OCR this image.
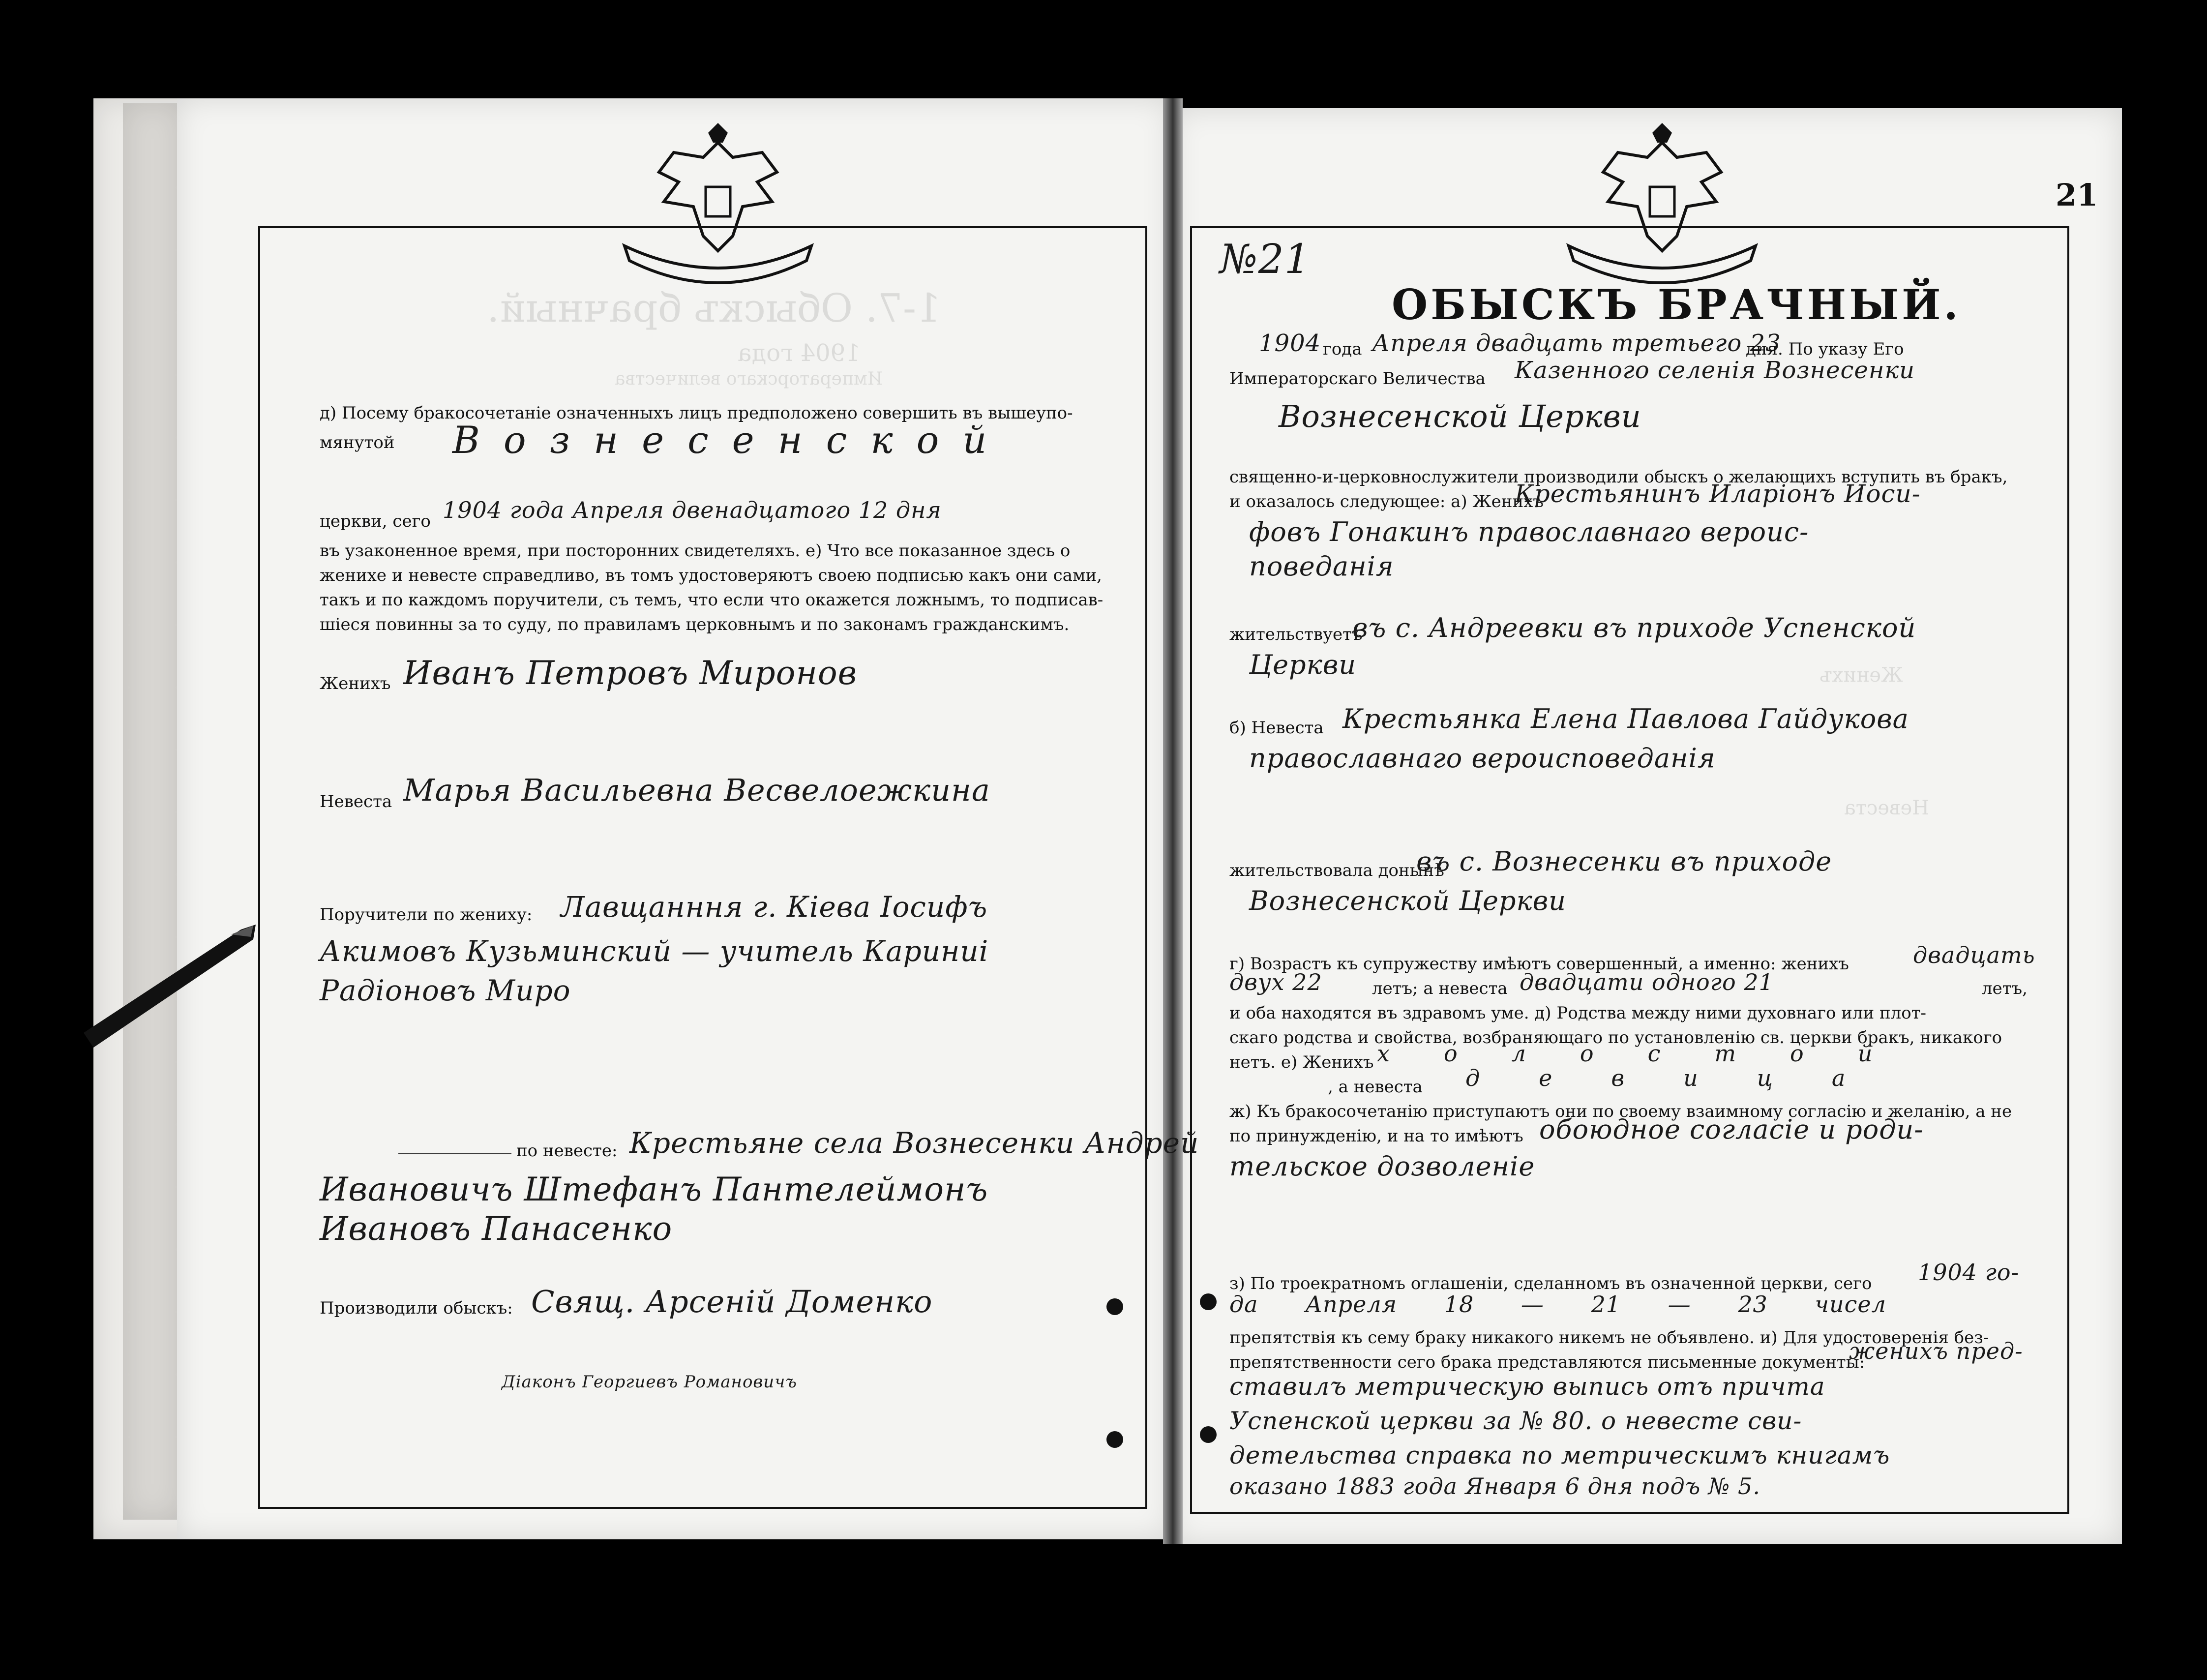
21
1-7. Обыскъ брачный.
1904 года
Императорскаго величества
д) Посему бракосочетаніе означенныхъ лицъ предположено совершить въ вышеупо-
мянутой Вознесенской
церкви, сего 1904 года Апреля двенадцатого 12 дня
въ узаконенное время, при посторонних свидетеляхъ. е) Что все показанное здесь о
женихе и невесте справедливо, въ томъ удостоверяютъ своею подписью какъ они сами,
такъ и по каждомъ поручители, съ темъ, что если что окажется ложнымъ, то подписав-
шіеся повинны за то суду, по правиламъ церковнымъ и по законамъ гражданскимъ.
Женихъ Иванъ Петровъ Миронов
Невеста Марья Васильевна Весвелоежкина
Поручители по жениху: Лавщанння г. Кіева Іосифъ
Акимовъ Кузьминский — учитель Кариниі
Радіоновъ Миро
по невесте: Крестьяне села Вознесенки Андрей
Ивановичъ Штефанъ Пантелеймонъ
Ивановъ Панасенко
Производили обыскъ: Свящ. Арсеній Доменко
Діаконъ Георгиевъ Романовичъ
№21
ОБЫСКЪ БРАЧНЫЙ.
1904 года Апреля двадцать третьего 23
дня. По указу Его
Императорскаго Величества Казенного селенія Вознесенки
Вознесенской Церкви
священно-и-церковнослужители производили обыскъ о желающихъ вступить въ бракъ,
и оказалось следующее: а) Женихъ
Крестьянинъ Иларіонъ Иоси-
фовъ Гонакинъ православнаго вероис-
поведанія
жительствуетъ
въ с. Андреевки въ приходе Успенской
Церкви	Женихъ
б) Невеста Крестьянка Елена Павлова Гайдукова
православнаго вероисповеданія
Невеста
жительствовала донынѣ
въ с. Вознесенки въ приходе
Вознесенской Церкви
г) Возрастъ къ супружеству имѣютъ совершенный, а именно: женихъ	двадцать
двух 22	летъ; а невеста двадцати одного 21	летъ,
и оба находятся въ здравомъ уме. д) Родства между ними духовнаго или плот-
скаго родства и свойства, возбраняющаго по установленію св. церкви бракъ, никакого
нетъ. е) Женихъ холостой
, а невеста девица
ж) Къ бракосочетанію приступаютъ они по своему взаимному согласію и желанію, а не
по принужденію, и на то имѣютъ обоюдное согласіе и роди-
тельское дозволеніе
з) По троекратномъ оглашеніи, сделанномъ въ означенной церкви, сего 1904 го-
да Апреля 18 — 21 — 23 чисел
препятствія къ сему браку никакого никемъ не объявлено. и) Для удостоверенія без-
препятственности сего брака представляются письменные документы:
женихъ пред-
ставилъ метрическую выпись отъ причта
Успенской церкви за № 80. о невесте сви-
детельства справка по метрическимъ книгамъ
оказано 1883 года Января 6 дня подъ № 5.
